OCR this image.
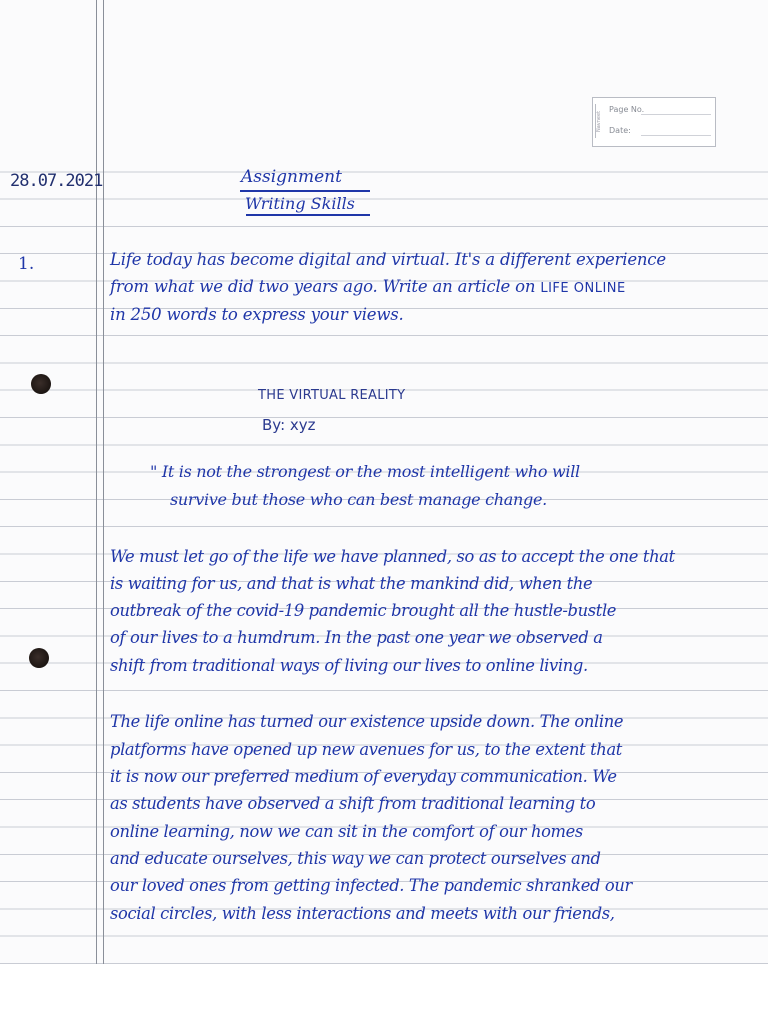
Navneet
Page No.
Date:
28.07.2021	Assignment
Writing Skills
1.	Life today has become digital and virtual. It's a different experience
from what we did two years ago. Write an article on LIFE ONLINE
in 250 words to express your views.
THE VIRTUAL REALITY
By: xyz
" It is not the strongest or the most intelligent who will
survive but those who can best manage change.
We must let go of the life we have planned, so as to accept the one that
is waiting for us, and that is what the mankind did, when the
outbreak of the covid-19 pandemic brought all the hustle-bustle
of our lives to a humdrum. In the past one year we observed a
shift from traditional ways of living our lives to online living.
The life online has turned our existence upside down. The online
platforms have opened up new avenues for us, to the extent that
it is now our preferred medium of everyday communication. We
as students have observed a shift from traditional learning to
online learning, now we can sit in the comfort of our homes
and educate ourselves, this way we can protect ourselves and
our loved ones from getting infected. The pandemic shranked our
social circles, with less interactions and meets with our friends,
